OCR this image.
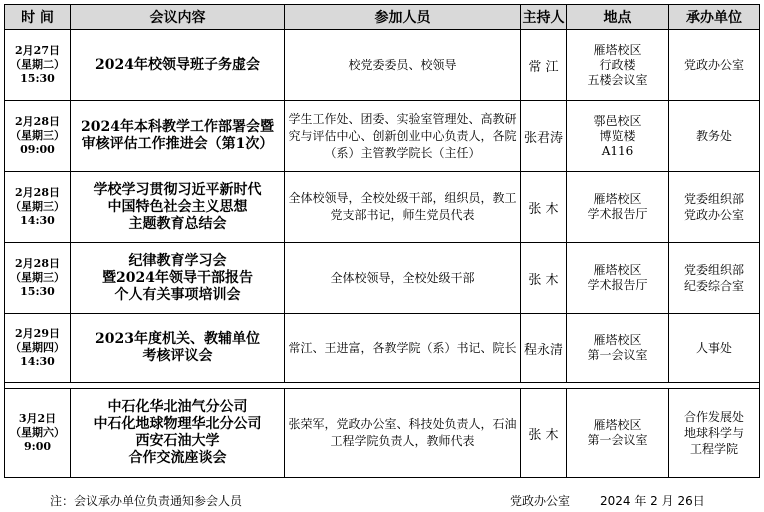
时 间	会议内容	参加人员	主持人	地点	承办单位

2月27日
（星期二）
15:30	2024年校领导班子务虚会	校党委委员、校领导	常 江	雁塔校区
行政楼
五楼会议室	党政办公室

2月28日
（星期三）
09:00	2024年本科教学工作部署会暨
审核评估工作推进会（第1次）	学生工作处、团委、实验室管理处、高教研究与评估中心、创新创业中心负责人，各院（系）主管教学院长（主任）	张君涛	鄠邑校区
博览楼
A116	教务处

2月28日
（星期三）
14:30	学校学习贯彻习近平新时代
中国特色社会主义思想
主题教育总结会	全体校领导，全校处级干部，组织员，教工党支部书记，师生党员代表	张 木	雁塔校区
学术报告厅	党委组织部
党政办公室

2月28日
（星期三）
15:30	纪律教育学习会
暨2024年领导干部报告
个人有关事项培训会	全体校领导，全校处级干部	张 木	雁塔校区
学术报告厅	党委组织部
纪委综合室

2月29日
（星期四）
14:30	2023年度机关、教辅单位
考核评议会	常江、王进富，各教学院（系）书记、院长	程永清	雁塔校区
第一会议室	人事处

3月2日
（星期六）
9:00	中石化华北油气分公司
中石化地球物理华北分公司
西安石油大学
合作交流座谈会	张荣军，党政办公室、科技处负责人，石油工程学院负责人，教师代表	张 木	雁塔校区
第一会议室	合作发展处
地球科学与
工程学院
注：会议承办单位负责通知参会人员	党政办公室	2024 年 2 月 26日
